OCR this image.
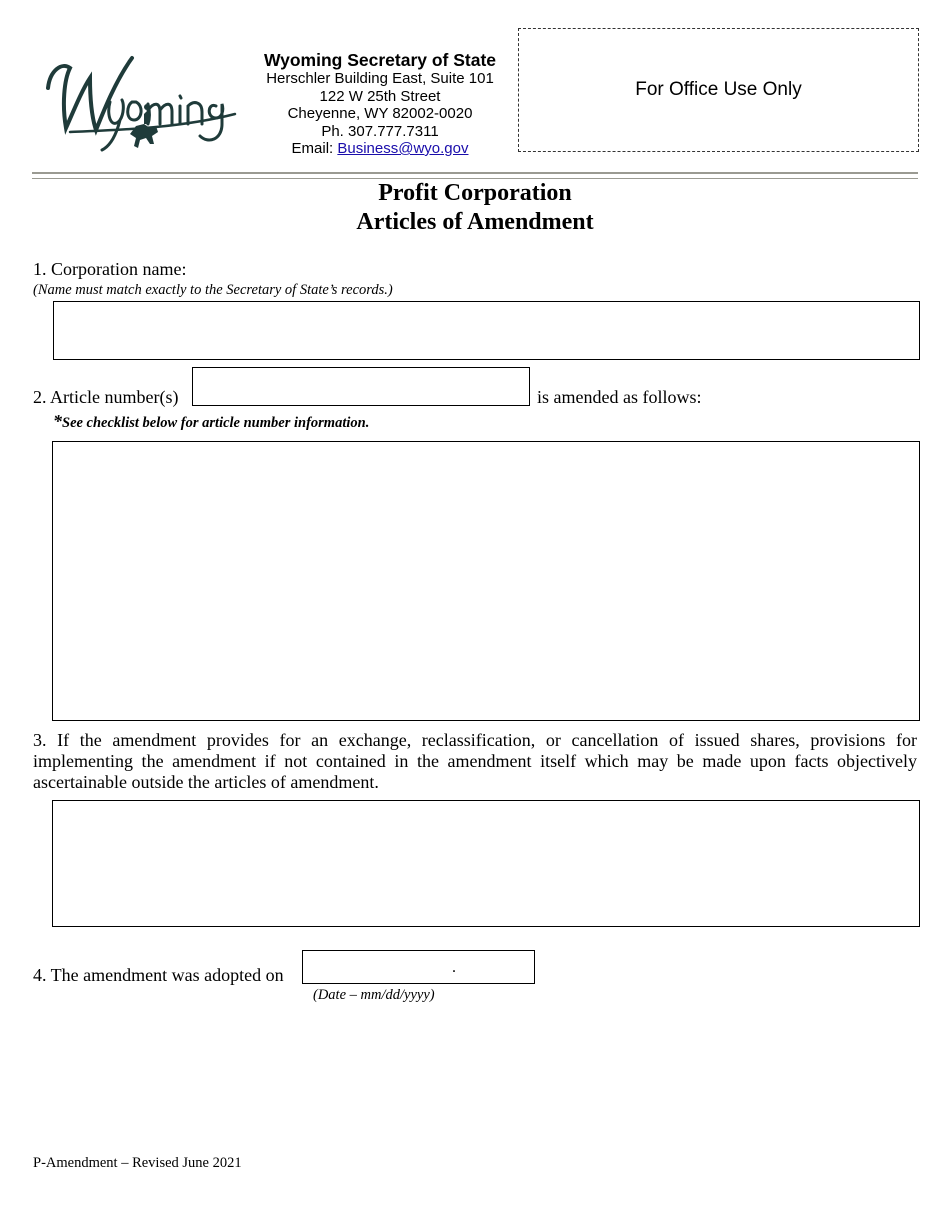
Wyoming Secretary of State
Herschler Building East, Suite 101
122 W 25th Street
Cheyenne, WY 82002-0020
Ph. 307.777.7311
Email: Business@wyo.gov
For Office Use Only
Profit Corporation
Articles of Amendment
1. Corporation name:
(Name must match exactly to the Secretary of State’s records.)
2. Article number(s)	is amended as follows:
*See checklist below for article number information.
3. If the amendment provides for an exchange, reclassification, or cancellation of issued shares, provisions for implementing the amendment if not contained in the amendment itself which may be made upon facts objectively ascertainable outside the articles of amendment.
4. The amendment was adopted on	.
(Date – mm/dd/yyyy)
P-Amendment – Revised June 2021
